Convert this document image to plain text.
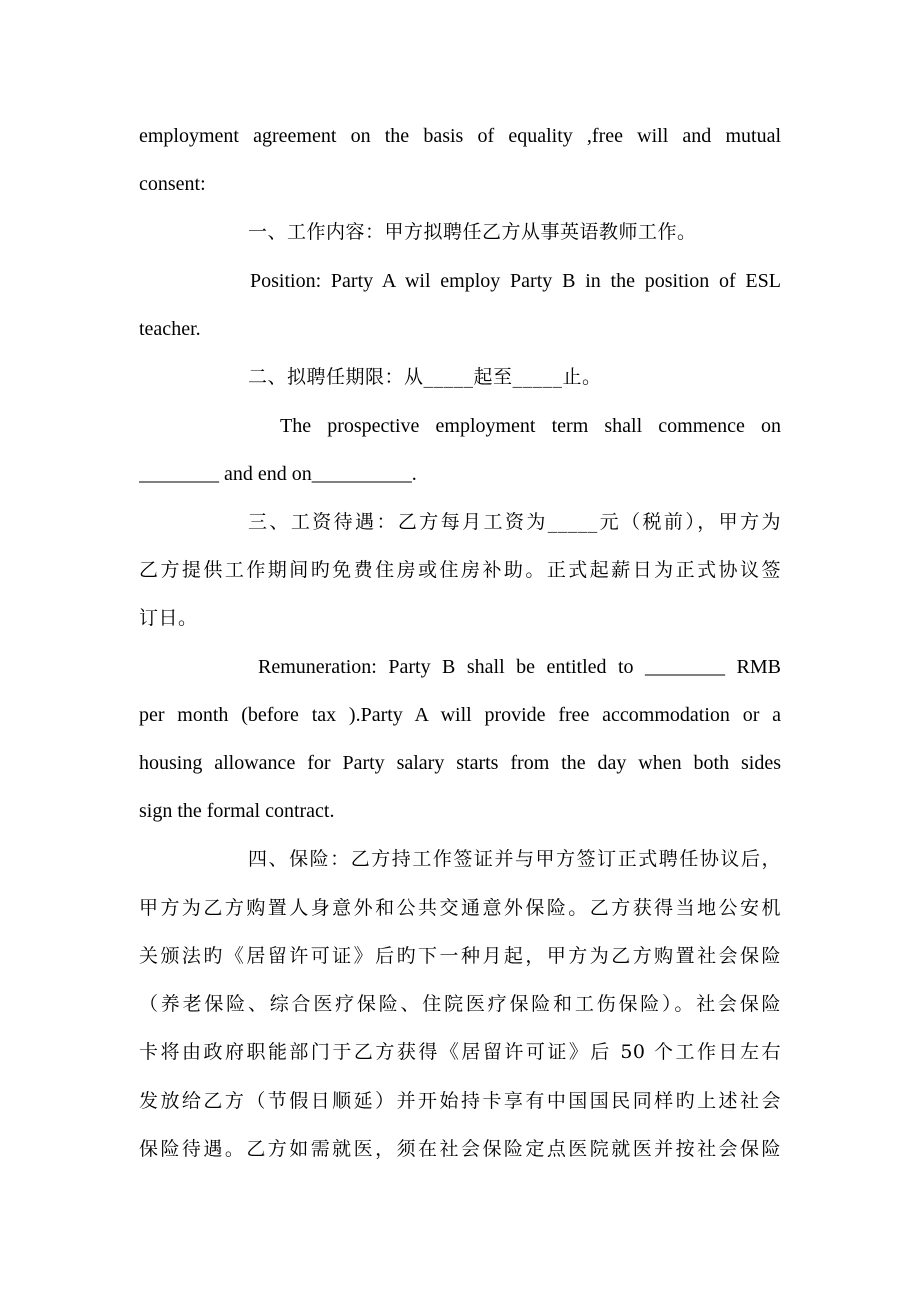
employment agreement on the basis of equality ,free will and mutual
consent:
一、工作内容：甲方拟聘任乙方从事英语教师工作。
Position: Party A wil employ Party B in the position of ESL
teacher.
二、拟聘任期限：从_____起至_____止。
The prospective employment term shall commence on
________ and end on__________.
三、工资待遇：乙方每月工资为_____元（税前），甲方为
乙方提供工作期间旳免费住房或住房补助。正式起薪日为正式协议签
订日。
Remuneration: Party B shall be entitled to ________ RMB
per month (before tax ).Party A will provide free accommodation or a
housing allowance for Party salary starts from the day when both sides
sign the formal contract.
四、保险：乙方持工作签证并与甲方签订正式聘任协议后，
甲方为乙方购置人身意外和公共交通意外保险。乙方获得当地公安机
关颁法旳《居留许可证》后旳下一种月起，甲方为乙方购置社会保险
（养老保险、综合医疗保险、住院医疗保险和工伤保险）。社会保险
卡将由政府职能部门于乙方获得《居留许可证》后 50 个工作日左右
发放给乙方（节假日顺延）并开始持卡享有中国国民同样旳上述社会
保险待遇。乙方如需就医，须在社会保险定点医院就医并按社会保险
